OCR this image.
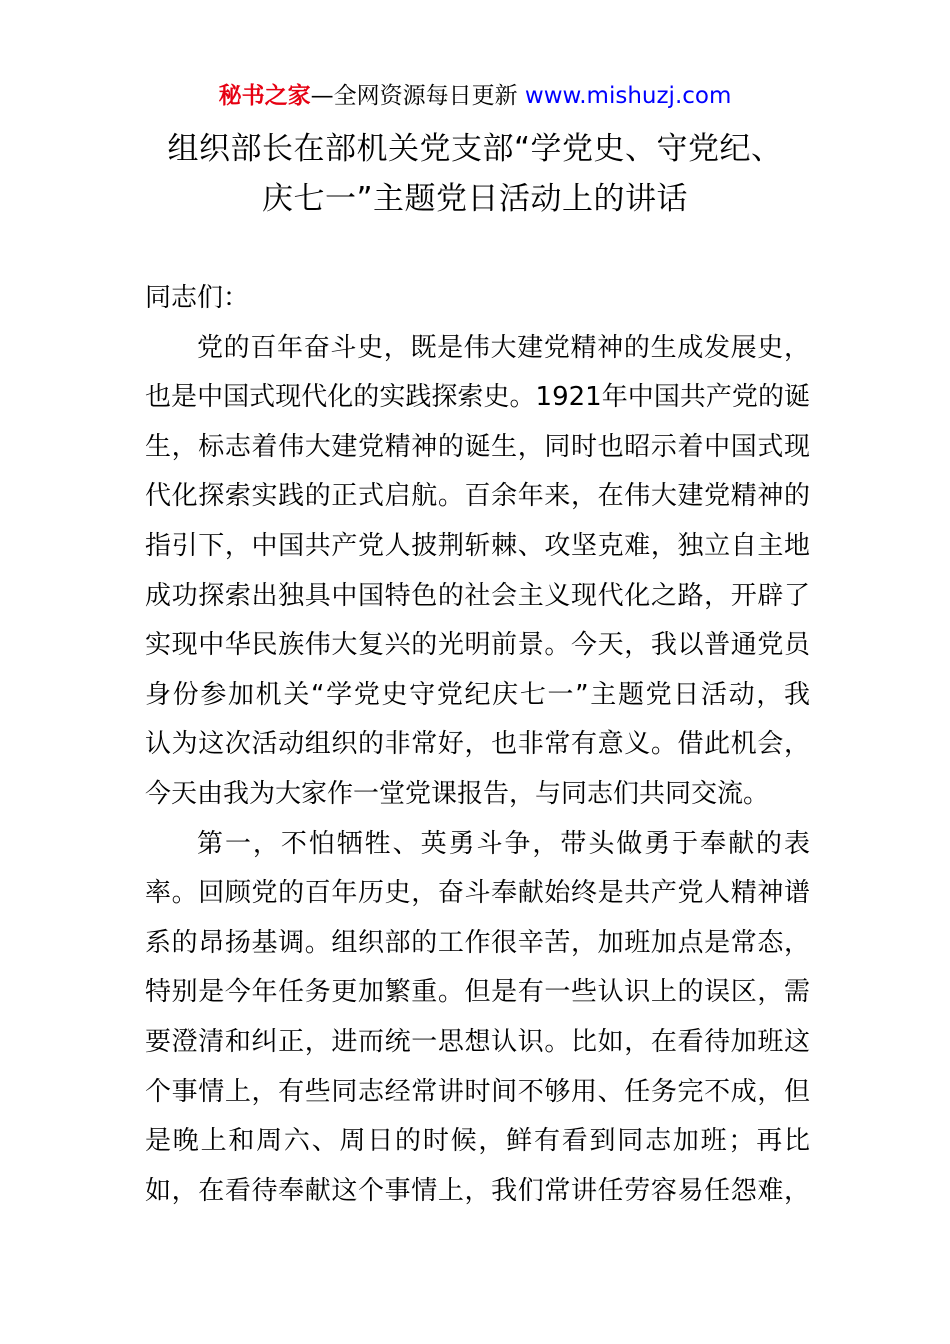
秘书之家—全网资源每日更新 www.mishuzj.com
组织部长在部机关党支部“学党史、守党纪、
庆七一”主题党日活动上的讲话
同志们：
党的百年奋斗史，既是伟大建党精神的生成发展史，
也是中国式现代化的实践探索史。1921年中国共产党的诞
生，标志着伟大建党精神的诞生，同时也昭示着中国式现
代化探索实践的正式启航。百余年来，在伟大建党精神的
指引下，中国共产党人披荆斩棘、攻坚克难，独立自主地
成功探索出独具中国特色的社会主义现代化之路，开辟了
实现中华民族伟大复兴的光明前景。今天，我以普通党员
身份参加机关“学党史守党纪庆七一”主题党日活动，我
认为这次活动组织的非常好，也非常有意义。借此机会，
今天由我为大家作一堂党课报告，与同志们共同交流。
第一，不怕牺牲、英勇斗争，带头做勇于奉献的表
率。回顾党的百年历史，奋斗奉献始终是共产党人精神谱
系的昂扬基调。组织部的工作很辛苦，加班加点是常态，
特别是今年任务更加繁重。但是有一些认识上的误区，需
要澄清和纠正，进而统一思想认识。比如，在看待加班这
个事情上，有些同志经常讲时间不够用、任务完不成，但
是晚上和周六、周日的时候，鲜有看到同志加班；再比
如，在看待奉献这个事情上，我们常讲任劳容易任怨难，
